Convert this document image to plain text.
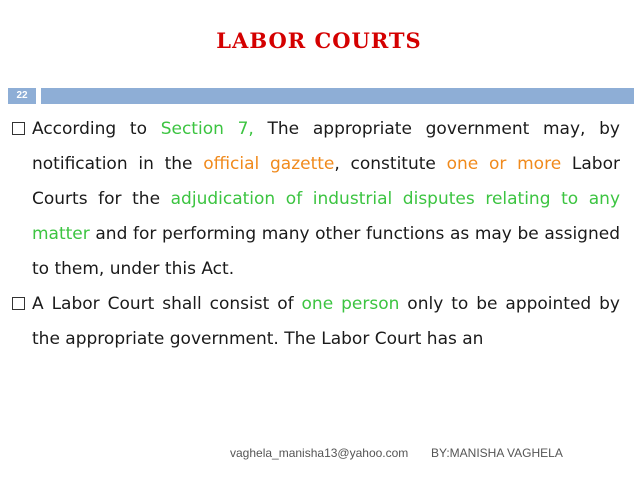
LABOR COURTS
22
According to Section 7, The appropriate government may, by notification in the official gazette, constitute one or more Labor Courts for the adjudication of industrial disputes relating to any matter and for performing many other functions as may be assigned to them, under this Act.
A Labor Court shall consist of one person only to be appointed by the appropriate government. The Labor Court has an
vaghela_manisha13@yahoo.com BY:MANISHA VAGHELA
